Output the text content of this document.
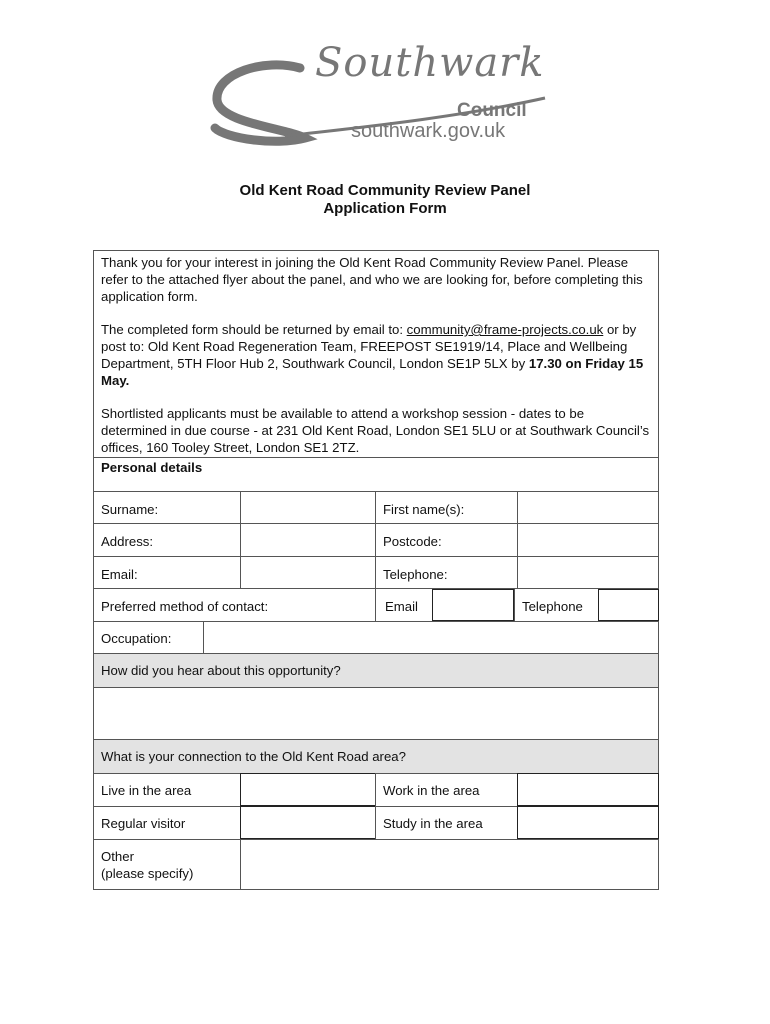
Southwark
Council
southwark.gov.uk
Old Kent Road Community Review Panel
Application Form

Thank you for your interest in joining the Old Kent Road Community Review Panel. Please refer to the attached flyer about the panel, and who we are looking for, before completing this application form.

The completed form should be returned by email to: community@frame-projects.co.uk or by post to: Old Kent Road Regeneration Team, FREEPOST SE1919/14, Place and Wellbeing Department, 5TH Floor Hub 2, Southwark Council, London SE1P 5LX by 17.30 on Friday 15 May.

Shortlisted applicants must be available to attend a workshop session - dates to be determined in due course - at 231 Old Kent Road, London SE1 5LU or at Southwark Council’s offices, 160 Tooley Street, London SE1 2TZ.

Personal details
Surname:	First name(s):
Address:	Postcode:
Email:	Telephone:
Preferred method of contact:	Email	Telephone
Occupation:
How did you hear about this opportunity?
What is your connection to the Old Kent Road area?
Live in the area	Work in the area
Regular visitor	Study in the area
Other
(please specify)
